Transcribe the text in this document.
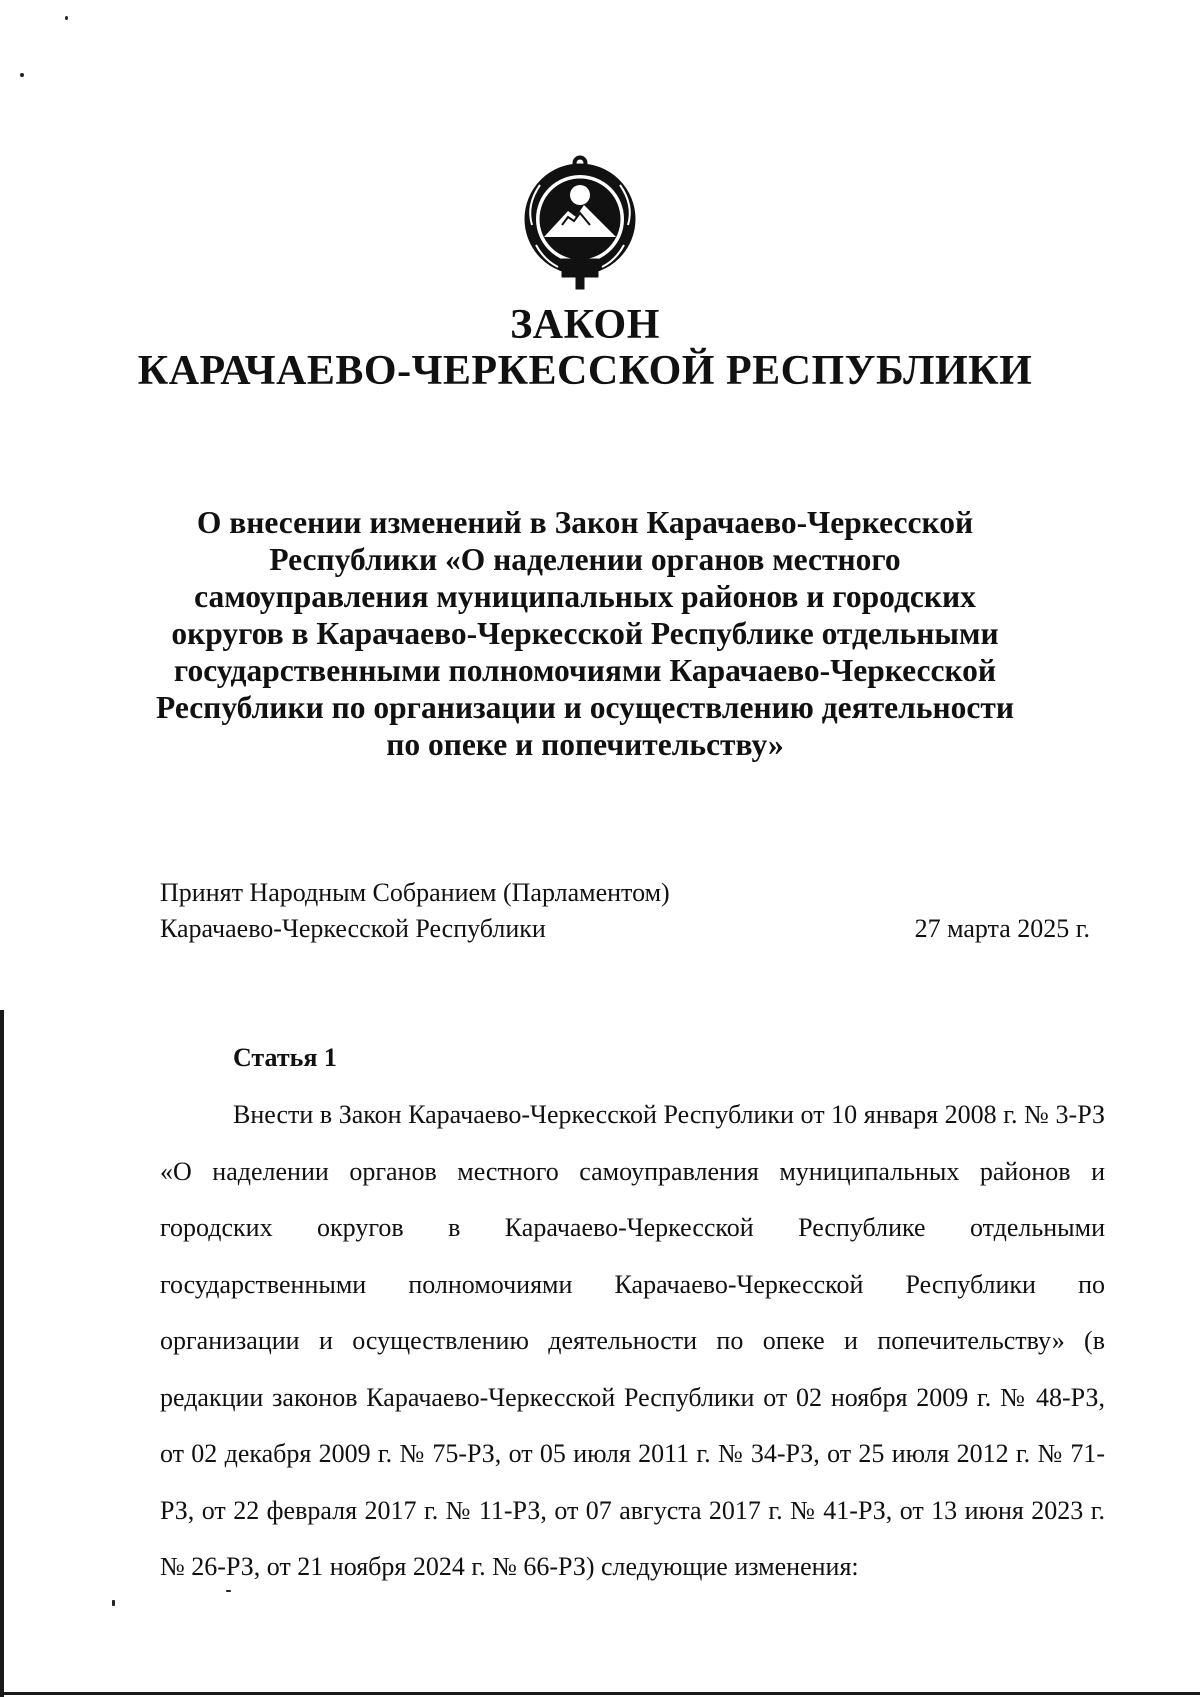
ЗАКОН
КАРАЧАЕВО-ЧЕРКЕССКОЙ РЕСПУБЛИКИ

О внесении изменений в Закон Карачаево-Черкесской Республики «О наделении органов местного самоуправления муниципальных районов и городских округов в Карачаево-Черкесской Республике отдельными государственными полномочиями Карачаево-Черкесской Республики по организации и осуществлению деятельности по опеке и попечительству»

Принят Народным Собранием (Парламентом)
Карачаево-Черкесской Республики	27 марта 2025 г.
Статья 1

Внести в Закон Карачаево-Черкесской Республики от 10 января 2008 г. № 3-РЗ «О наделении органов местного самоуправления муниципальных районов и городских округов в Карачаево-Черкесской Республике отдельными государственными полномочиями Карачаево-Черкесской Республики по организации и осуществлению деятельности по опеке и попечительству» (в редакции законов Карачаево-Черкесской Республики от 02 ноября 2009 г. № 48-РЗ, от 02 декабря 2009 г. № 75-РЗ, от 05 июля 2011 г. № 34-РЗ, от 25 июля 2012 г. № 71-РЗ, от 22 февраля 2017 г. № 11-РЗ, от 07 августа 2017 г. № 41-РЗ, от 13 июня 2023 г. № 26-РЗ, от 21 ноября 2024 г. № 66-РЗ) следующие изменения:
